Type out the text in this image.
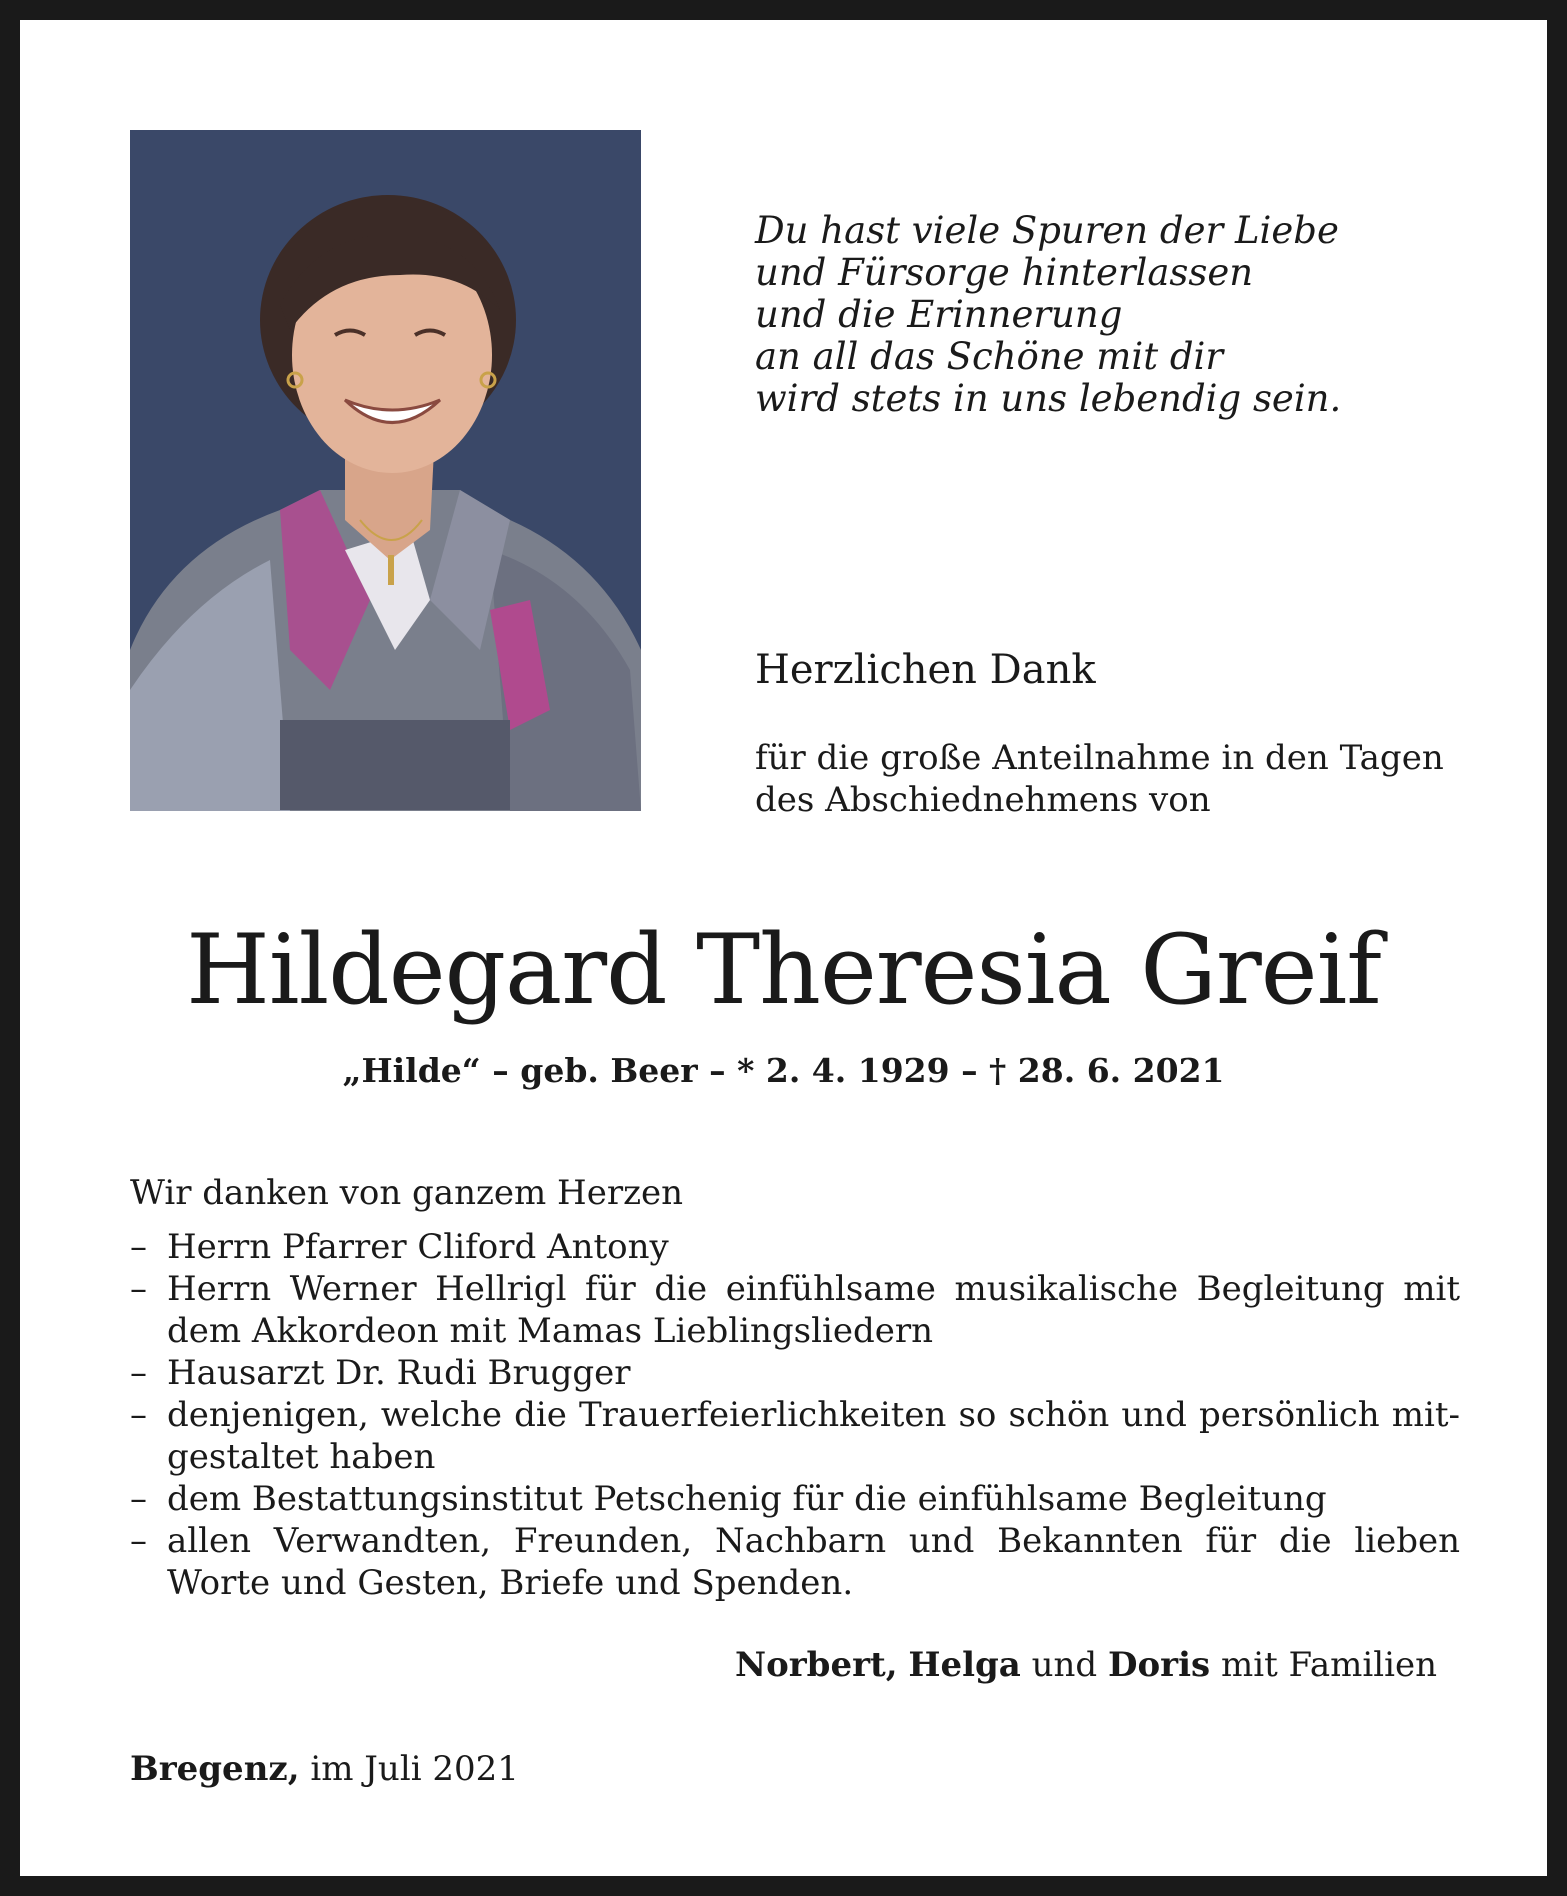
Du hast viele Spuren der Liebe
und Fürsorge hinterlassen
und die Erinnerung
an all das Schöne mit dir
wird stets in uns lebendig sein.
Herzlichen Dank
für die große Anteilnahme in den Tagen
des Abschiednehmens von
Hildegard Theresia Greif
„Hilde“ – geb. Beer – * 2. 4. 1929 – † 28. 6. 2021
Wir danken von ganzem Herzen
– Herrn Pfarrer Cliford Antony
– Herrn Werner Hellrigl für die einfühlsame musikalische Begleitung mit
dem Akkordeon mit Mamas Lieblingsliedern
– Hausarzt Dr. Rudi Brugger
– denjenigen, welche die Trauerfeierlichkeiten so schön und persönlich mit-
gestaltet haben
– dem Bestattungsinstitut Petschenig für die einfühlsame Begleitung
– allen Verwandten, Freunden, Nachbarn und Bekannten für die lieben
Worte und Gesten, Briefe und Spenden.
Norbert, Helga und Doris mit Familien
Bregenz, im Juli 2021
